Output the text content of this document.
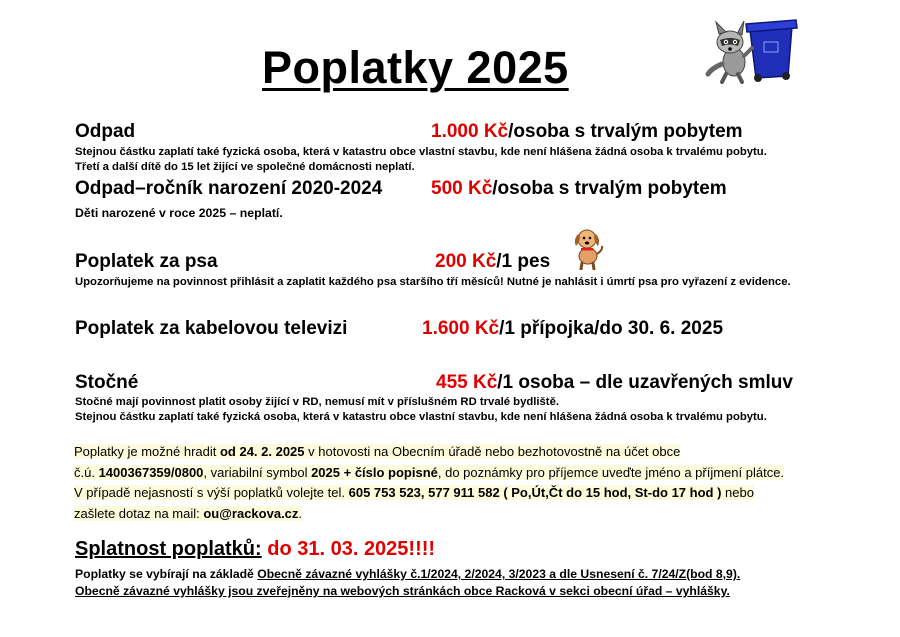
Poplatky 2025
Odpad	1.000 Kč/osoba s trvalým pobytem
Stejnou částku zaplatí také fyzická osoba, která v katastru obce vlastní stavbu, kde není hlášena žádná osoba k trvalému pobytu.
Třetí a další dítě do 15 let žijící ve společné domácnosti neplatí.
Odpad–ročník narození 2020-2024	500 Kč/osoba s trvalým pobytem
Děti narozené v roce 2025 – neplatí.
Poplatek za psa	200 Kč/1 pes
Upozorňujeme na povinnost přihlásit a zaplatit každého psa staršího tří měsíců! Nutné je nahlásit i úmrtí psa pro vyřazení z evidence.
Poplatek za kabelovou televizi	1.600 Kč/1 přípojka/do 30. 6. 2025
Stočné	455 Kč/1 osoba – dle uzavřených smluv
Stočné mají povinnost platit osoby žijící v RD, nemusí mít v příslušném RD trvalé bydliště.
Stejnou částku zaplatí také fyzická osoba, která v katastru obce vlastní stavbu, kde není hlášena žádná osoba k trvalému pobytu.
Poplatky je možné hradit od 24. 2. 2025 v hotovosti na Obecním úřadě nebo bezhotovostně na účet obce
č.ú. 1400367359/0800, variabilní symbol 2025 + číslo popisné, do poznámky pro příjemce uveďte jméno a příjmení plátce.
V případě nejasností s výší poplatků volejte tel. 605 753 523, 577 911 582 ( Po,Út,Čt do 15 hod, St-do 17 hod ) nebo
zašlete dotaz na mail: ou@rackova.cz.
Splatnost poplatků: do 31. 03. 2025!!!!
Poplatky se vybírají na základě Obecně závazné vyhlášky č.1/2024, 2/2024, 3/2023 a dle Usnesení č. 7/24/Z(bod 8,9).
Obecně závazné vyhlášky jsou zveřejněny na webových stránkách obce Racková v sekci obecní úřad – vyhlášky.
